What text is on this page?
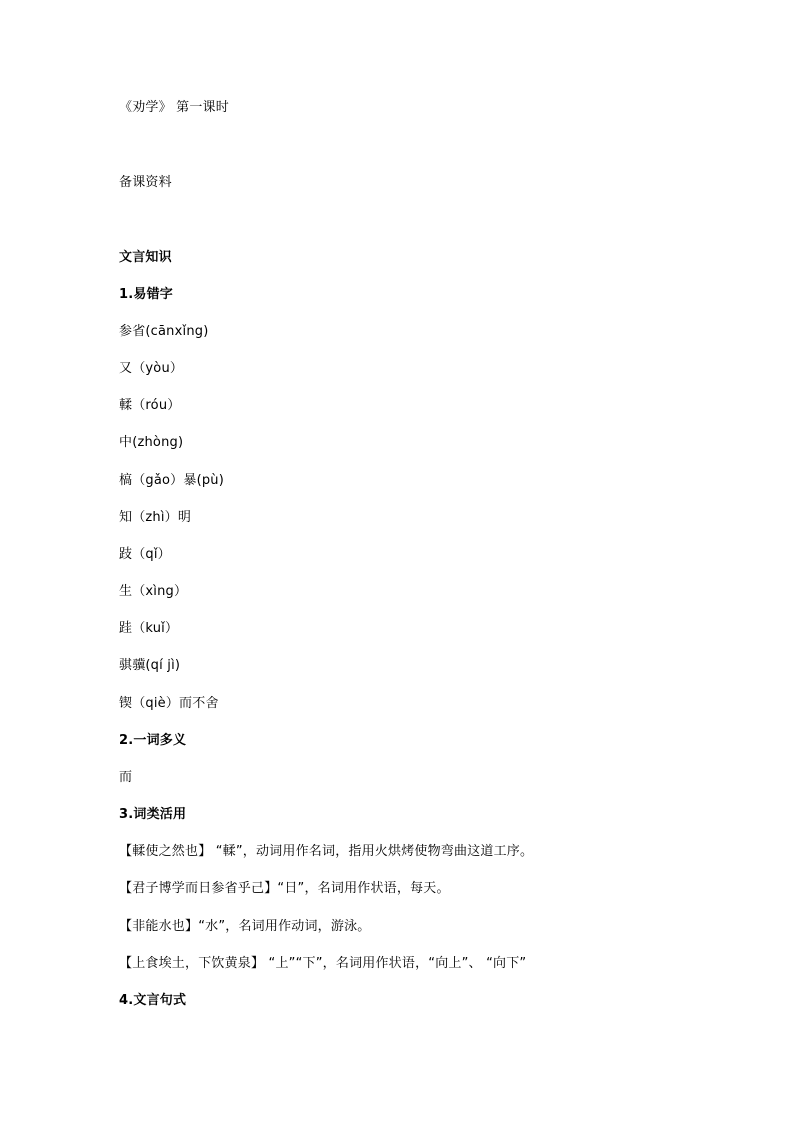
《劝学》 第一课时
备课资料
文言知识
1.易错字
参省(cānxǐng)
又（yòu）
輮（róu）
中(zhòng)
槁（gǎo）暴(pù)
知（zhì）明
跂（qǐ）
生（xìng）
跬（kuǐ）
骐骥(qí jì)
锲（qiè）而不舍
2.一词多义
而
3.词类活用
【輮使之然也】 “輮”，动词用作名词，指用火烘烤使物弯曲这道工序。
【君子博学而日参省乎己】“日”，名词用作状语，每天。
【非能水也】“水”，名词用作动词，游泳。
【上食埃土，下饮黄泉】 “上”“下”，名词用作状语，“向上”、 “向下”
4.文言句式
